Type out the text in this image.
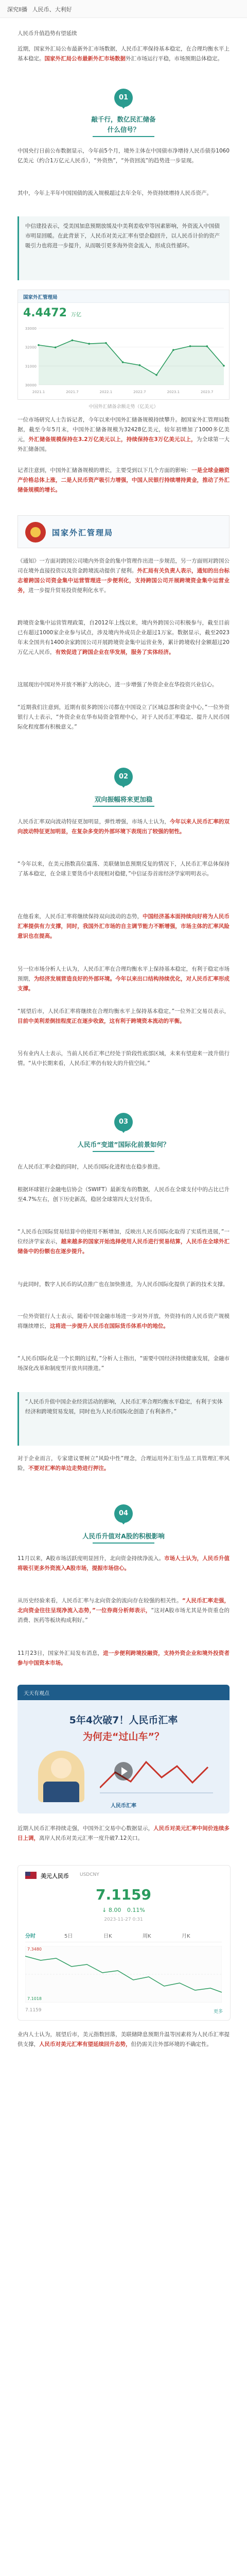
深究ll播 人民币、大利好
人民币升值趋势有望延续

近期，国家外汇局公布最新外汇市场数据，人民币汇率保持基本稳定，在合理均衡水平上基本稳定。国家外汇局公布最新外汇市场数据外汇市场运行平稳，市场预期总体稳定。

01
敲千行，数亿民汇储备
什么信号？

中国央行日前公布数据显示，今年前5个月，境外主体在中国债市净增持人民币债券1060亿美元（约合1万亿元人民币），“外资热”，“外资回流”的趋势进一步显现。

其中，今年上半年中国国债的流入规模超过去年全年，外资持续增持人民币资产。

中信建投表示，受美国加息预期放缓及中美利差收窄等因素影响，外资流入中国债市明显回暖。在此背景下，人民币对美元汇率有望企稳回升，以人民币计价的资产吸引力也将进一步提升，从而吸引更多海外资金流入，形成良性循环。
国家外汇管理局
4.4472 万亿
30000
31000
32000
33000
2021.1	2021.7	2022.1	2022.7	2023.1	2023.7
中国外汇储备余额走势（亿美元）

一位市场研究人士告诉记者，今年以来中国外汇储备规模持续攀升。据国家外汇管理局数据，截至今年5月末，中国外汇储备规模为32428亿美元，较年初增加了1000多亿美元，外汇储备规模保持在3.2万亿美元以上，持续保持在3万亿美元以上，为全球第一大外汇储备国。

记者注意到，中国外汇储备规模的增长，主要受到以下几个方面的影响：一是全球金融资产价格总体上涨，二是人民币资产吸引力增强，中国人民银行持续增持黄金，推动了外汇储备规模的增长。

国家外汇管理局

《通知》一方面对跨国公司境内外资金的集中管理作出进一步规范，另一方面则对跨国公司在境外直接投资以及资金跨境流动提供了便利。外汇局有关负责人表示，通知的出台标志着跨国公司资金集中运营管理进一步便利化，支持跨国公司开展跨境资金集中运营业务，进一步提升贸易投资便利化水平。

跨境资金集中运营管理政策，自2012年上线以来，境内外跨国公司积极参与，截至目前已有超过1000家企业参与试点，涉及境内外成员企业超过1万家。数据显示，截至2023年末全国共有1400余家跨国公司开展跨境资金集中运营业务，累计跨境收付金额超过20万亿元人民币，有效促进了跨国企业在华发展，服务了实体经济。

这展现出中国对外开放不断扩大的决心，进一步增强了外资企业在华投资兴业信心。

“近期我们注意到，近期有很多跨国公司都在中国设立了区域总部和资金中心，”一位外资银行人士表示，“外资企业在华布局资金管理中心，对于人民币汇率稳定、提升人民币国际化程度都有积极意义。”

02
双向振幅将来更加稳

人民币汇率双向波动特征更加明显，弹性增强，市场人士认为，今年以来人民币汇率的双向波动特征更加明显，在复杂多变的外部环境下表现出了较强的韧性。

“今年以来，在美元指数高位震荡、美联储加息预期反复的情况下，人民币汇率总体保持了基本稳定，在全球主要货币中表现相对稳健，”中信证券首席经济学家明明表示。

在他看来，人民币汇率将继续保持双向波动的态势，中国经济基本面持续向好将为人民币汇率提供有力支撑，同时，我国外汇市场的自主调节能力不断增强，市场主体的汇率风险意识也在提高。

另一位市场分析人士认为，人民币汇率在合理均衡水平上保持基本稳定，有利于稳定市场预期，为经济发展营造良好的外部环境。今年以来出口结构持续优化，对人民币汇率形成支撑。

“展望后市，人民币汇率将继续在合理均衡水平上保持基本稳定，”一位外汇交易员表示，目前中美利差倒挂程度正在逐步收敛，这有利于跨境资本流动的平衡。

另有业内人士表示，当前人民币汇率已经处于阶段性底部区域，未来有望迎来一波升值行情。“从中长期来看，人民币汇率仍有较大的升值空间。”

03
人民币“变道”国际化前景如何？

在人民币汇率企稳的同时，人民币国际化进程也在稳步推进。

根据环球银行金融电信协会（SWIFT）最新发布的数据，人民币在全球支付中的占比已升至4.7%左右，创下历史新高，稳居全球第四大支付货币。

“人民币在国际贸易结算中的使用不断增加，反映出人民币国际化取得了实质性进展，”一位经济学家表示，越来越多的国家开始选择使用人民币进行贸易结算，人民币在全球外汇储备中的份额也在逐步提升。

与此同时，数字人民币的试点推广也在加快推进，为人民币国际化提供了新的技术支撑。

一位外资银行人士表示，随着中国金融市场进一步对外开放，外资持有的人民币资产规模将继续增长，这将进一步提升人民币在国际货币体系中的地位。

“人民币国际化是一个长期的过程，”分析人士指出，“需要中国经济持续健康发展，金融市场深化改革和制度型开放共同推进。”

“人民币升值中国企业经营活动的影响，人民币汇率合理均衡水平稳定，有利于实体经济和跨境贸易发展，同时也为人民币国际化创造了有利条件。”

对于企业而言，专家建议要树立“风险中性”理念，合理运用外汇衍生品工具管理汇率风险，不要对汇率的单边走势进行押注。

04
人民币升值对A股的积极影响

11月以来，A股市场活跃度明显回升，北向资金持续净流入。市场人士认为，人民币升值将吸引更多外资流入A股市场，提振市场信心。

从历史经验来看，人民币汇率与北向资金的流向存在较强的相关性。“人民币汇率走强，北向资金往往呈现净流入态势，”一位券商分析师表示，“这对A股市场尤其是外资重仓的消费、医药等板块构成利好。”

11月23日，国家外汇局发布消息，进一步便利跨境投融资，支持外资企业和境外投资者参与中国资本市场。

天天有观点
5年4次破7！人民币汇率
为何走“过山车”？
人民币汇率

近期人民币汇率持续走强，中国外汇交易中心数据显示，人民币对美元汇率中间价连续多日上调，离岸人民币对美元汇率一度升破7.12关口。

美元人民币 USDCNY
7.1159
↓ 8.00 0.11%
2023-11-27 0:31
分时	5日	日K	周K	月K
7.3480
7.1018
7.1159	更多

业内人士认为，展望后市，美元指数回落，美联储降息预期升温等因素将为人民币汇率提供支撑，人民币对美元汇率有望延续回升态势，但仍需关注外部环境的不确定性。
